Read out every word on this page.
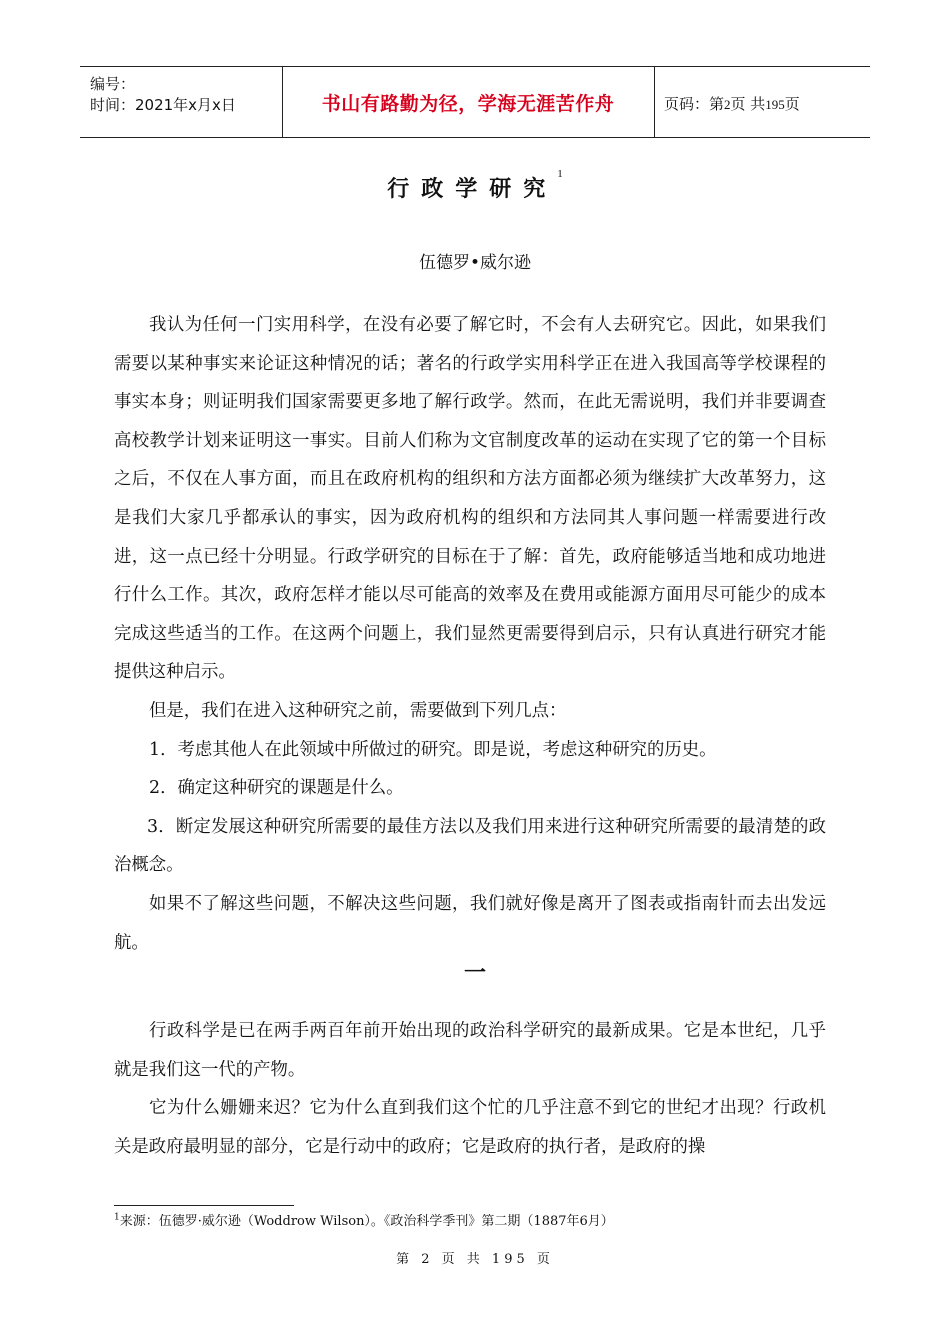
编号：
时间：2021年x月x日	书山有路勤为径，学海无涯苦作舟	页码：第2页 共195页
行政学研究$^1$
伍德罗•威尔逊

我认为任何一门实用科学，在没有必要了解它时，不会有人去研究它。因此，如果我们需要以某种事实来论证这种情况的话；著名的行政学实用科学正在进入我国高等学校课程的事实本身；则证明我们国家需要更多地了解行政学。然而，在此无需说明，我们并非要调查高校教学计划来证明这一事实。目前人们称为文官制度改革的运动在实现了它的第一个目标之后，不仅在人事方面，而且在政府机构的组织和方法方面都必须为继续扩大改革努力，这是我们大家几乎都承认的事实，因为政府机构的组织和方法同其人事问题一样需要进行改进，这一点已经十分明显。行政学研究的目标在于了解：首先，政府能够适当地和成功地进行什么工作。其次，政府怎样才能以尽可能高的效率及在费用或能源方面用尽可能少的成本完成这些适当的工作。在这两个问题上，我们显然更需要得到启示，只有认真进行研究才能提供这种启示。

但是，我们在进入这种研究之前，需要做到下列几点：

1．考虑其他人在此领域中所做过的研究。即是说，考虑这种研究的历史。

2．确定这种研究的课题是什么。

3．断定发展这种研究所需要的最佳方法以及我们用来进行这种研究所需要的最清楚的政治概念。

如果不了解这些问题，不解决这些问题，我们就好像是离开了图表或指南针而去出发远航。

一

行政科学是已在两手两百年前开始出现的政治科学研究的最新成果。它是本世纪，几乎就是我们这一代的产物。

它为什么姗姗来迟？它为什么直到我们这个忙的几乎注意不到它的世纪才出现？行政机关是政府最明显的部分，它是行动中的政府；它是政府的执行者，是政府的操

$^1$来源：伍德罗·威尔逊（Woddrow Wilson）。《政治科学季刊》第二期（1887年6月）
第 2 页 共 195 页
